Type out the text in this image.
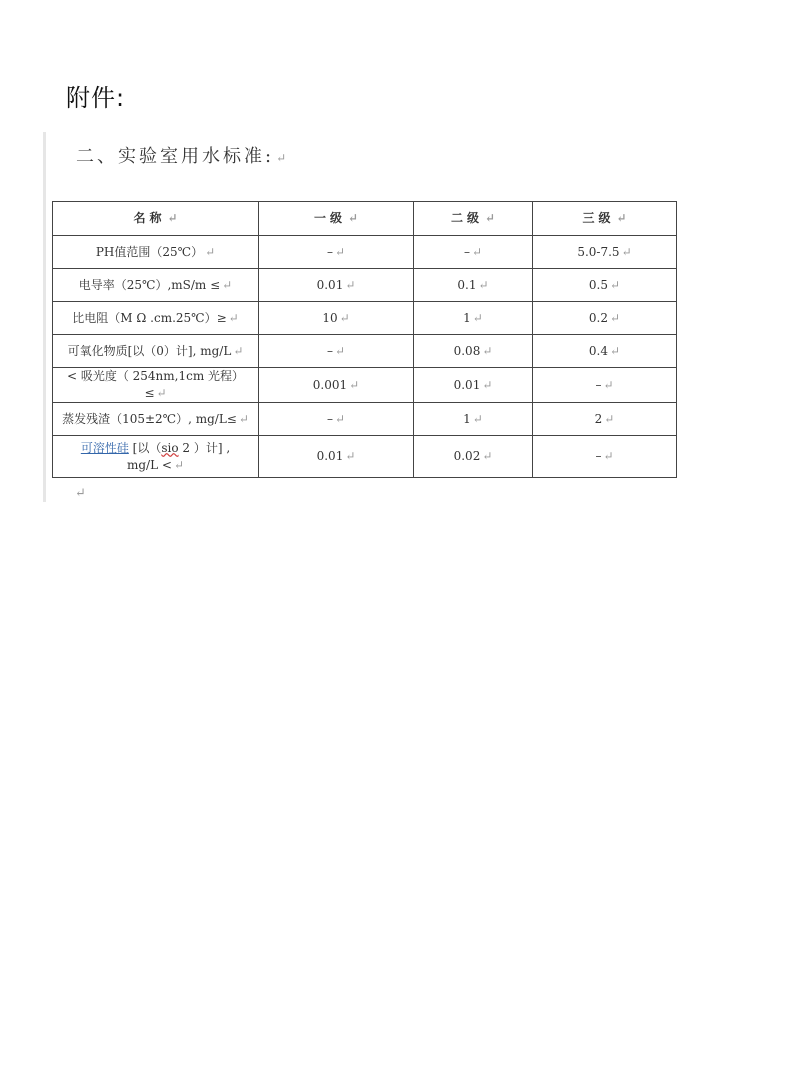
附件:
二、实验室用水标准: ↵
名称 ↵	一级 ↵	二级 ↵	三级 ↵
PH值范围（25℃） ↵	– ↵	– ↵	5.0-7.5 ↵
电导率（25℃）,mS/m ≤ ↵	0.01 ↵	0.1 ↵	0.5 ↵
比电阻（M Ω .cm.25℃）≥ ↵	10 ↵	1 ↵	0.2 ↵
可氧化物质[以（0）计], mg/L ↵	– ↵	0.08 ↵	0.4 ↵
< 吸光度（ 254nm,1cm 光程）≤ ↵	0.001 ↵	0.01 ↵	– ↵
蒸发残渣（105±2℃）, mg/L≤ ↵	– ↵	1 ↵	2 ↵
可溶性硅 [以（sio 2 ）计] ,
mg/L < ↵	0.01 ↵	0.02 ↵	– ↵
↵
